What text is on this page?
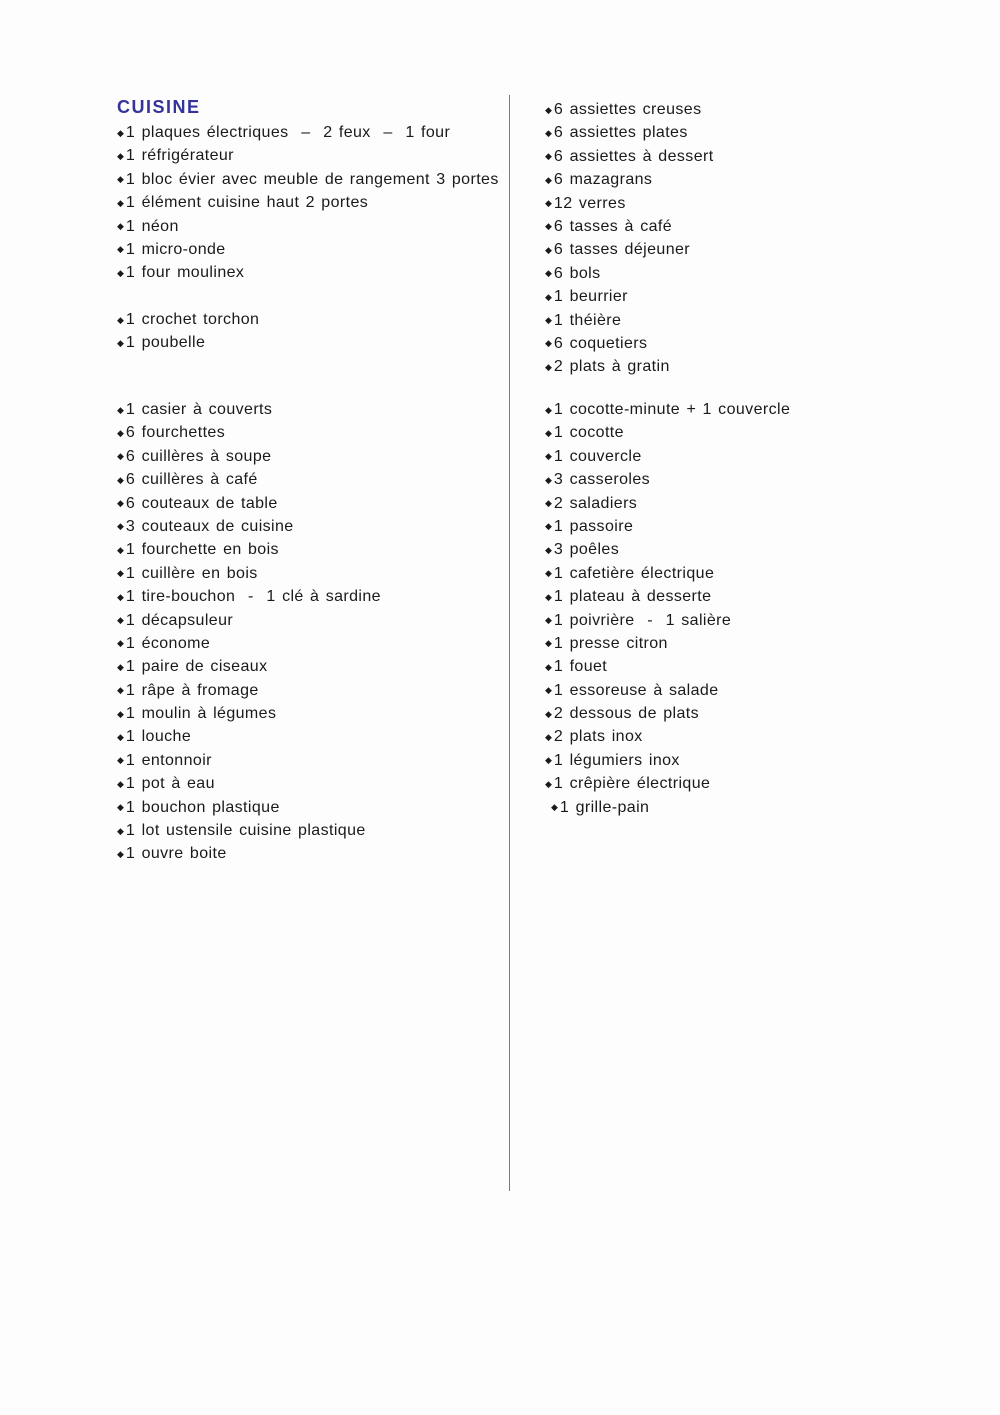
CUISINE
◆ 1 plaques électriques  –  2 feux  –  1 four
◆ 1 réfrigérateur
◆ 1 bloc évier avec meuble de rangement 3 portes
◆ 1 élément cuisine haut 2 portes
◆ 1 néon
◆ 1 micro-onde
◆ 1 four moulinex
◆ 1 crochet torchon
◆ 1 poubelle
◆ 1 casier à couverts
◆ 6 fourchettes
◆ 6 cuillères à soupe
◆ 6 cuillères à café
◆ 6 couteaux de table
◆ 3 couteaux de cuisine
◆ 1 fourchette en bois
◆ 1 cuillère en bois
◆ 1 tire-bouchon  -  1 clé à sardine
◆ 1 décapsuleur
◆ 1 économe
◆ 1 paire de ciseaux
◆ 1 râpe à fromage
◆ 1 moulin à légumes
◆ 1 louche
◆ 1 entonnoir
◆ 1 pot à eau
◆ 1 bouchon plastique
◆ 1 lot ustensile cuisine plastique
◆ 1 ouvre boite
◆ 6 assiettes creuses
◆ 6 assiettes plates
◆ 6 assiettes à dessert
◆ 6 mazagrans
◆ 12 verres
◆ 6 tasses à café
◆ 6 tasses déjeuner
◆ 6 bols
◆ 1 beurrier
◆ 1 théière
◆ 6 coquetiers
◆ 2 plats à gratin
◆ 1 cocotte-minute + 1 couvercle
◆ 1 cocotte
◆ 1 couvercle
◆ 3 casseroles
◆ 2 saladiers
◆ 1 passoire
◆ 3 poêles
◆ 1 cafetière électrique
◆ 1 plateau à desserte
◆ 1 poivrière  -  1 salière
◆ 1 presse citron
◆ 1 fouet
◆ 1 essoreuse à salade
◆ 2 dessous de plats
◆ 2 plats inox
◆ 1 légumiers inox
◆ 1 crêpière électrique
◆ 1 grille-pain
